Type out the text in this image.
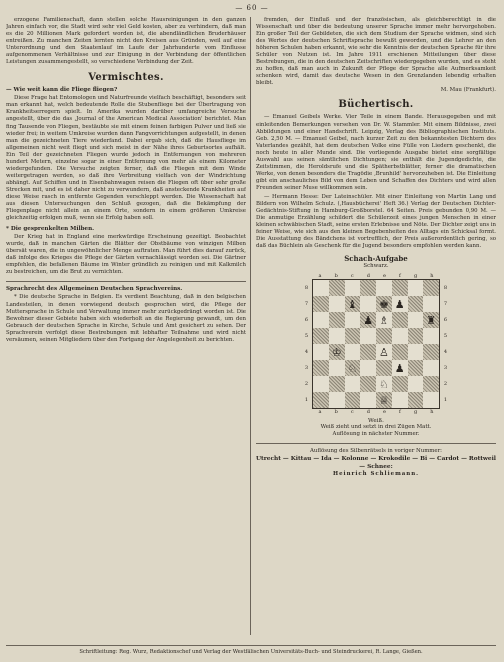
— 60 —

erzogene Familienschaft, dann stellen solche Hausreinigungen in den ganzen Jahren einfach vor, die Stadt wird sehr viel Geld kosten, aber zu verhindern, daß man es die 20 Millionen Mark gefordert worden ist, die abendländlichen Bruderhäuser entreißen. Zu manchen Zeiten lernten nicht den Kreisen aus Gründen, weil auf eine Unterordnung und den Staatenlauf im Laufe der Jahrhunderte vom Einflusse aufgenommenen Verhältnisse und zur Einigung in der Verbindung der öffentlichen Leistungen zusammengestellt, so verschiedene Verbindung der Zeit.

Vermischtes.
— Wie weit kann die Fliege fliegen?

Diese Frage hat Entomologen und Naturfreunde vielfach beschäftigt, besonders seit man erkannt hat, welch bedeutende Rolle die Stubenfliege bei der Übertragung von Krankheitserregern spielt. In Amerika wurden darüber umfangreiche Versuche angestellt, über die das ‚Journal of the American Medical Association' berichtet. Man fing Tausende von Fliegen, bestäubte sie mit einem feinen farbigen Pulver und ließ sie wieder frei; in weitem Umkreise wurden dann Fangvorrichtungen aufgestellt, in denen man die gezeichneten Tiere wiederfand. Dabei ergab sich, daß die Hausfliege im allgemeinen nicht weit fliegt und sich meist in der Nähe ihres Geburtsortes aufhält. Ein Teil der gezeichneten Fliegen wurde jedoch in Entfernungen von mehreren hundert Metern, einzelne sogar in einer Entfernung von mehr als einem Kilometer wiedergefunden. Die Versuche zeigten ferner, daß die Fliegen mit dem Winde weitergetragen werden, so daß ihre Verbreitung vielfach von der Windrichtung abhängt. Auf Schiffen und in Eisenbahnwagen reisen die Fliegen oft über sehr große Strecken mit, und es ist daher nicht zu verwundern, daß ansteckende Krankheiten auf diese Weise rasch in entfernte Gegenden verschleppt werden. Die Wissenschaft hat aus diesen Untersuchungen den Schluß gezogen, daß die Bekämpfung der Fliegenplage nicht allein an einem Orte, sondern in einem größeren Umkreise gleichzeitig erfolgen muß, wenn sie Erfolg haben soll.

* Die gesprenkelten Milben.

Der Krieg hat in England eine merkwürdige Erscheinung gezeitigt. Beobachtet wurde, daß in manchen Gärten die Blätter der Obstbäume von winzigen Milben übersät waren, die in ungewöhnlicher Menge auftraten. Man führt dies darauf zurück, daß infolge des Krieges die Pflege der Gärten vernachlässigt worden sei. Die Gärtner empfehlen, die befallenen Bäume im Winter gründlich zu reinigen und mit Kalkmilch zu bestreichen, um die Brut zu vernichten.

Sprachrecht des Allgemeinen Deutschen Sprachvereins.

* Die deutsche Sprache in Belgien. Es verdient Beachtung, daß in den belgischen Landesteilen, in denen vorwiegend deutsch gesprochen wird, die Pflege der Muttersprache in Schule und Verwaltung immer mehr zurückgedrängt worden ist. Die Bewohner dieser Gebiete haben sich wiederholt an die Regierung gewandt, um den Gebrauch der deutschen Sprache in Kirche, Schule und Amt gesichert zu sehen. Der Sprachverein verfolgt diese Bestrebungen mit lebhafter Teilnahme und wird nicht versäumen, seinen Mitgliedern über den Fortgang der Angelegenheit zu berichten.

fremden, der Einfluß und der französischen, als gleichberechtigt in die Wissenschaft und über die bedeutung unserer Sprache immer mehr hervorgehoben. Ein großer Teil der Gebildeten, die sich dem Studium der Sprache widmen, sind sich des Wertes der deutschen Schriftsprache bewußt geworden, und die Lehrer an den höheren Schulen haben erkannt, wie sehr die Kenntnis der deutschen Sprache für ihre Schüler von Nutzen ist. Im Jahre 1911 erschienen Mitteilungen über diese Bestrebungen, die in den deutschen Zeitschriften wiedergegeben wurden, und es steht zu hoffen, daß man auch in Zukunft der Pflege der Sprache alle Aufmerksamkeit schenken wird, damit das deutsche Wesen in den Grenzlanden lebendig erhalten bleibt.

M. Mau (Frankfurt).
Büchertisch.

— Emanuel Geibels Werke. Vier Teile in einem Bande. Herausgegeben und mit einleitenden Bemerkungen versehen von Dr. W. Stammler. Mit einem Bildnisse, zwei Abbildungen und einer Handschrift. Leipzig, Verlag des Bibliographischen Instituts. Geb. 2,50 M. — Emanuel Geibel, nach kurzer Zeit zu den bekanntesten Dichtern des Vaterlandes gezählt, hat dem deutschen Volke eine Fülle von Liedern geschenkt, die noch heute in aller Munde sind. Die vorliegende Ausgabe bietet eine sorgfältige Auswahl aus seinen sämtlichen Dichtungen; sie enthält die Jugendgedichte, die Zeitstimmen, die Heroldsrufe und die Spätherbstblätter, ferner die dramatischen Werke, von denen besonders die Tragödie ‚Brunhild' hervorzuheben ist. Die Einleitung gibt ein anschauliches Bild von dem Leben und Schaffen des Dichters und wird allen Freunden seiner Muse willkommen sein.

— Hermann Hesse: Der Lateinschüler. Mit einer Einleitung von Martin Lang und Bildern von Wilhelm Schulz. (‚Hausbücherei' Heft 36.) Verlag der Deutschen Dichter-Gedächtnis-Stiftung in Hamburg-Großborstel. 64 Seiten. Preis gebunden 0,90 M. — Die anmutige Erzählung schildert die Schülerzeit eines jungen Menschen in einer kleinen schwäbischen Stadt, seine ersten Erlebnisse und Nöte. Der Dichter zeigt uns in feiner Weise, wie sich aus den kleinen Begebenheiten des Alltags ein Schicksal formt. Die Ausstattung des Bändchens ist vortrefflich, der Preis außerordentlich gering, so daß das Büchlein als Geschenk für die Jugend besonders empfohlen werden kann.

Schach-Aufgabe
Schwarz.
a	b	c	d	e	f	g	h
8
7
6
5
4
3
2
1
♝ ♚ ♟
♟ ♗	♜
♔	♙
♘	♟
♘
♕
8
7
6
5
4
3
2
1
a	b	c	d	e	f	g	h
Weiß.
Weiß zieht und setzt in drei Zügen Matt.
Auflösung in nächster Nummer.
Auflösung des Silbenrätsels in voriger Nummer:
Utrecht — Kittau — Ida — Kolonne — Krokodile — Bi — Cardot — Rottweil — Schnee:
Heinrich Schliemann.
Schriftleitung: Reg. Wurz, Redaktionschef und Verlag der Westfälischen Universitäts-Buch- und Steindruckerei, R. Lange, Gießen.
